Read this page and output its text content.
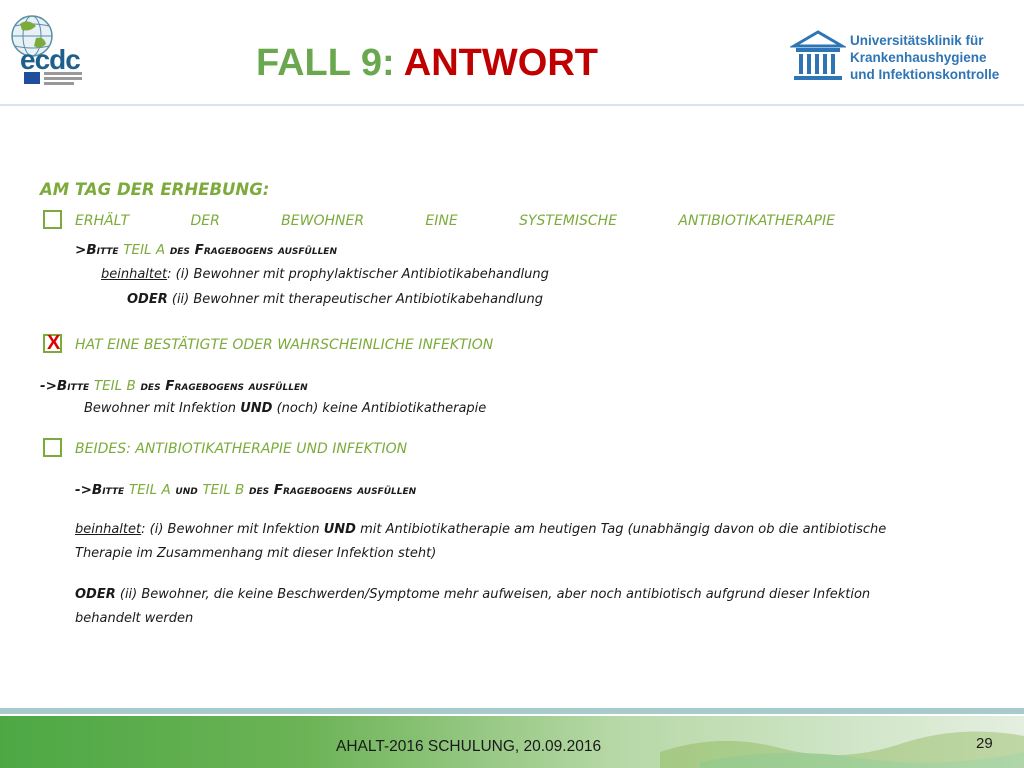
ecdc	FALL 9: ANTWORT
Universitätsklinik für
Krankenhaushygiene
und Infektionskontrolle
AM TAG DER ERHEBUNG:
ERHÄLT	DER	BEWOHNER	EINE	SYSTEMISCHE	ANTIBIOTIKATHERAPIE
>Bitte TEIL A des Fragebogens ausfüllen
beinhaltet: (i) Bewohner mit prophylaktischer Antibiotikabehandlung
ODER (ii) Bewohner mit therapeutischer Antibiotikabehandlung
X HAT EINE BESTÄTIGTE ODER WAHRSCHEINLICHE INFEKTION
->Bitte TEIL B des Fragebogens ausfüllen
Bewohner mit Infektion UND (noch) keine Antibiotikatherapie
BEIDES: ANTIBIOTIKATHERAPIE UND INFEKTION
->Bitte TEIL A und TEIL B des Fragebogens ausfüllen
beinhaltet: (i) Bewohner mit Infektion UND mit Antibiotikatherapie am heutigen Tag (unabhängig davon ob die antibiotische
Therapie im Zusammenhang mit dieser Infektion steht)
ODER (ii) Bewohner, die keine Beschwerden/Symptome mehr aufweisen, aber noch antibiotisch aufgrund dieser Infektion
behandelt werden
AHALT-2016 SCHULUNG, 20.09.2016	29
